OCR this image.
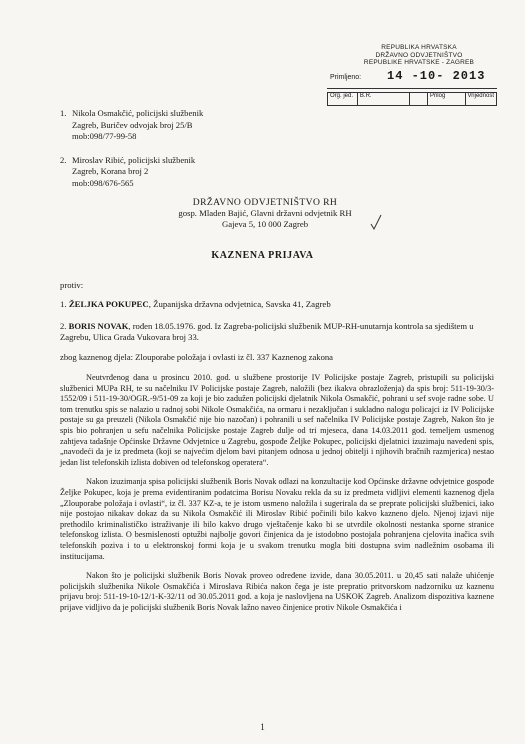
1. Nikola Osmakčić, policijski službenik
Zagreb, Buričev odvojak broj 25/B
mob:098/77-99-58
2. Miroslav Ribić, policijski službenik
Zagreb, Korana broj 2
mob:098/676-565
REPUBLIKA HRVATSKA
DRŽAVNO ODVJETNIŠTVO
REPUBLIKE HRVATSKE - ZAGREB
Primljeno: 14 -10- 2013
Org. jed.	B.R.		Prilog	Vrijednost
DRŽAVNO ODVJETNIŠTVO RH
gosp. Mladen Bajić, Glavni državni odvjetnik RH
Gajeva 5, 10 000 Zagreb
KAZNENA PRIJAVA
protiv:
1. ŽELJKA POKUPEC, Županijska državna odvjetnica, Savska 41, Zagreb
2. BORIS NOVAK, rođen 18.05.1976. god. Iz Zagreba-policijski službenik MUP-RH-unutarnja kontrola sa sjedištem u Zagrebu, Ulica Grada Vukovara broj 33.
zbog kaznenog djela: Zlouporabe položaja i ovlasti iz čl. 337 Kaznenog zakona

Neutvrđenog dana u prosincu 2010. god. u službene prostorije IV Policijske postaje Zagreb, pristupili su policijski službenici MUPa RH, te su načelniku IV Policijske postaje Zagreb, naložili (bez ikakva obrazloženja) da spis broj: 511-19-30/3-1552/09 i 511-19-30/OGR.-9/51-09 za koji je bio zadužen policijski djelatnik Nikola Osmakčić, pohrani u sef svoje radne sobe. U tom trenutku spis se nalazio u radnoj sobi Nikole Osmakčića, na ormaru i nezaključan i sukladno nalogu policajci iz IV Policijske postaje su ga preuzeli (Nikola Osmakčić nije bio nazočan) i pohranili u sef načelnika IV Policijske postaje Zagreb, Nakon što je spis bio pohranjen u sefu načelnika Policijske postaje Zagreb dulje od tri mjeseca, dana 14.03.2011 god. temeljem usmenog zahtjeva tadašnje Općinske Državne Odvjetnice u Zagrebu, gospođe Željke Pokupec, policijski djelatnici izuzimaju navedeni spis, „navodeći da je iz predmeta (koji se najvećim djelom bavi pitanjem odnosa u jednoj obitelji i njihovih bračnih razmjerica) nestao jedan list telefonskih izlista dobiven od telefonskog operatera“.

Nakon izuzimanja spisa policijski službenik Boris Novak odlazi na konzultacije kod Općinske državne odvjetnice gospođe Željke Pokupec, koja je prema evidentiranim podatcima Borisu Novaku rekla da su iz predmeta vidljivi elementi kaznenog djela „Zlouporabe položaja i ovlasti“, iz čl. 337 KZ-a, te je istom usmeno naložila i sugerirala da se preprate policijski službenici, iako nije postojao nikakav dokaz da su Nikola Osmakčić ili Miroslav Ribić počinili bilo kakvo kazneno djelo. Njenoj izjavi nije prethodilo kriminalističko istraživanje ili bilo kakvo drugo vještačenje kako bi se utvrdile okolnosti nestanka sporne stranice telefonskog izlista. O besmislenosti optužbi najbolje govori činjenica da je istodobno postojala pohranjena cjelovita inačica svih telefonskih poziva i to u elektronskoj formi koja je u svakom trenutku mogla biti dostupna svim nadležnim osobama ili institucijama.

Nakon što je policijski službenik Boris Novak proveo određene izvide, dana 30.05.2011. u 20,45 sati nalaže uhićenje policijskih službenika Nikole Osmakčića i Miroslava Ribića nakon čega je iste prepratio pritvorskom nadzorniku uz kaznenu prijavu broj: 511-19-10-12/1-K-32/11 od 30.05.2011 god. a koja je naslovljena na USKOK Zagreb. Analizom dispozitiva kaznene prijave vidljivo da je policijski službenik Boris Novak lažno naveo činjenice protiv Nikole Osmakčića i

1
